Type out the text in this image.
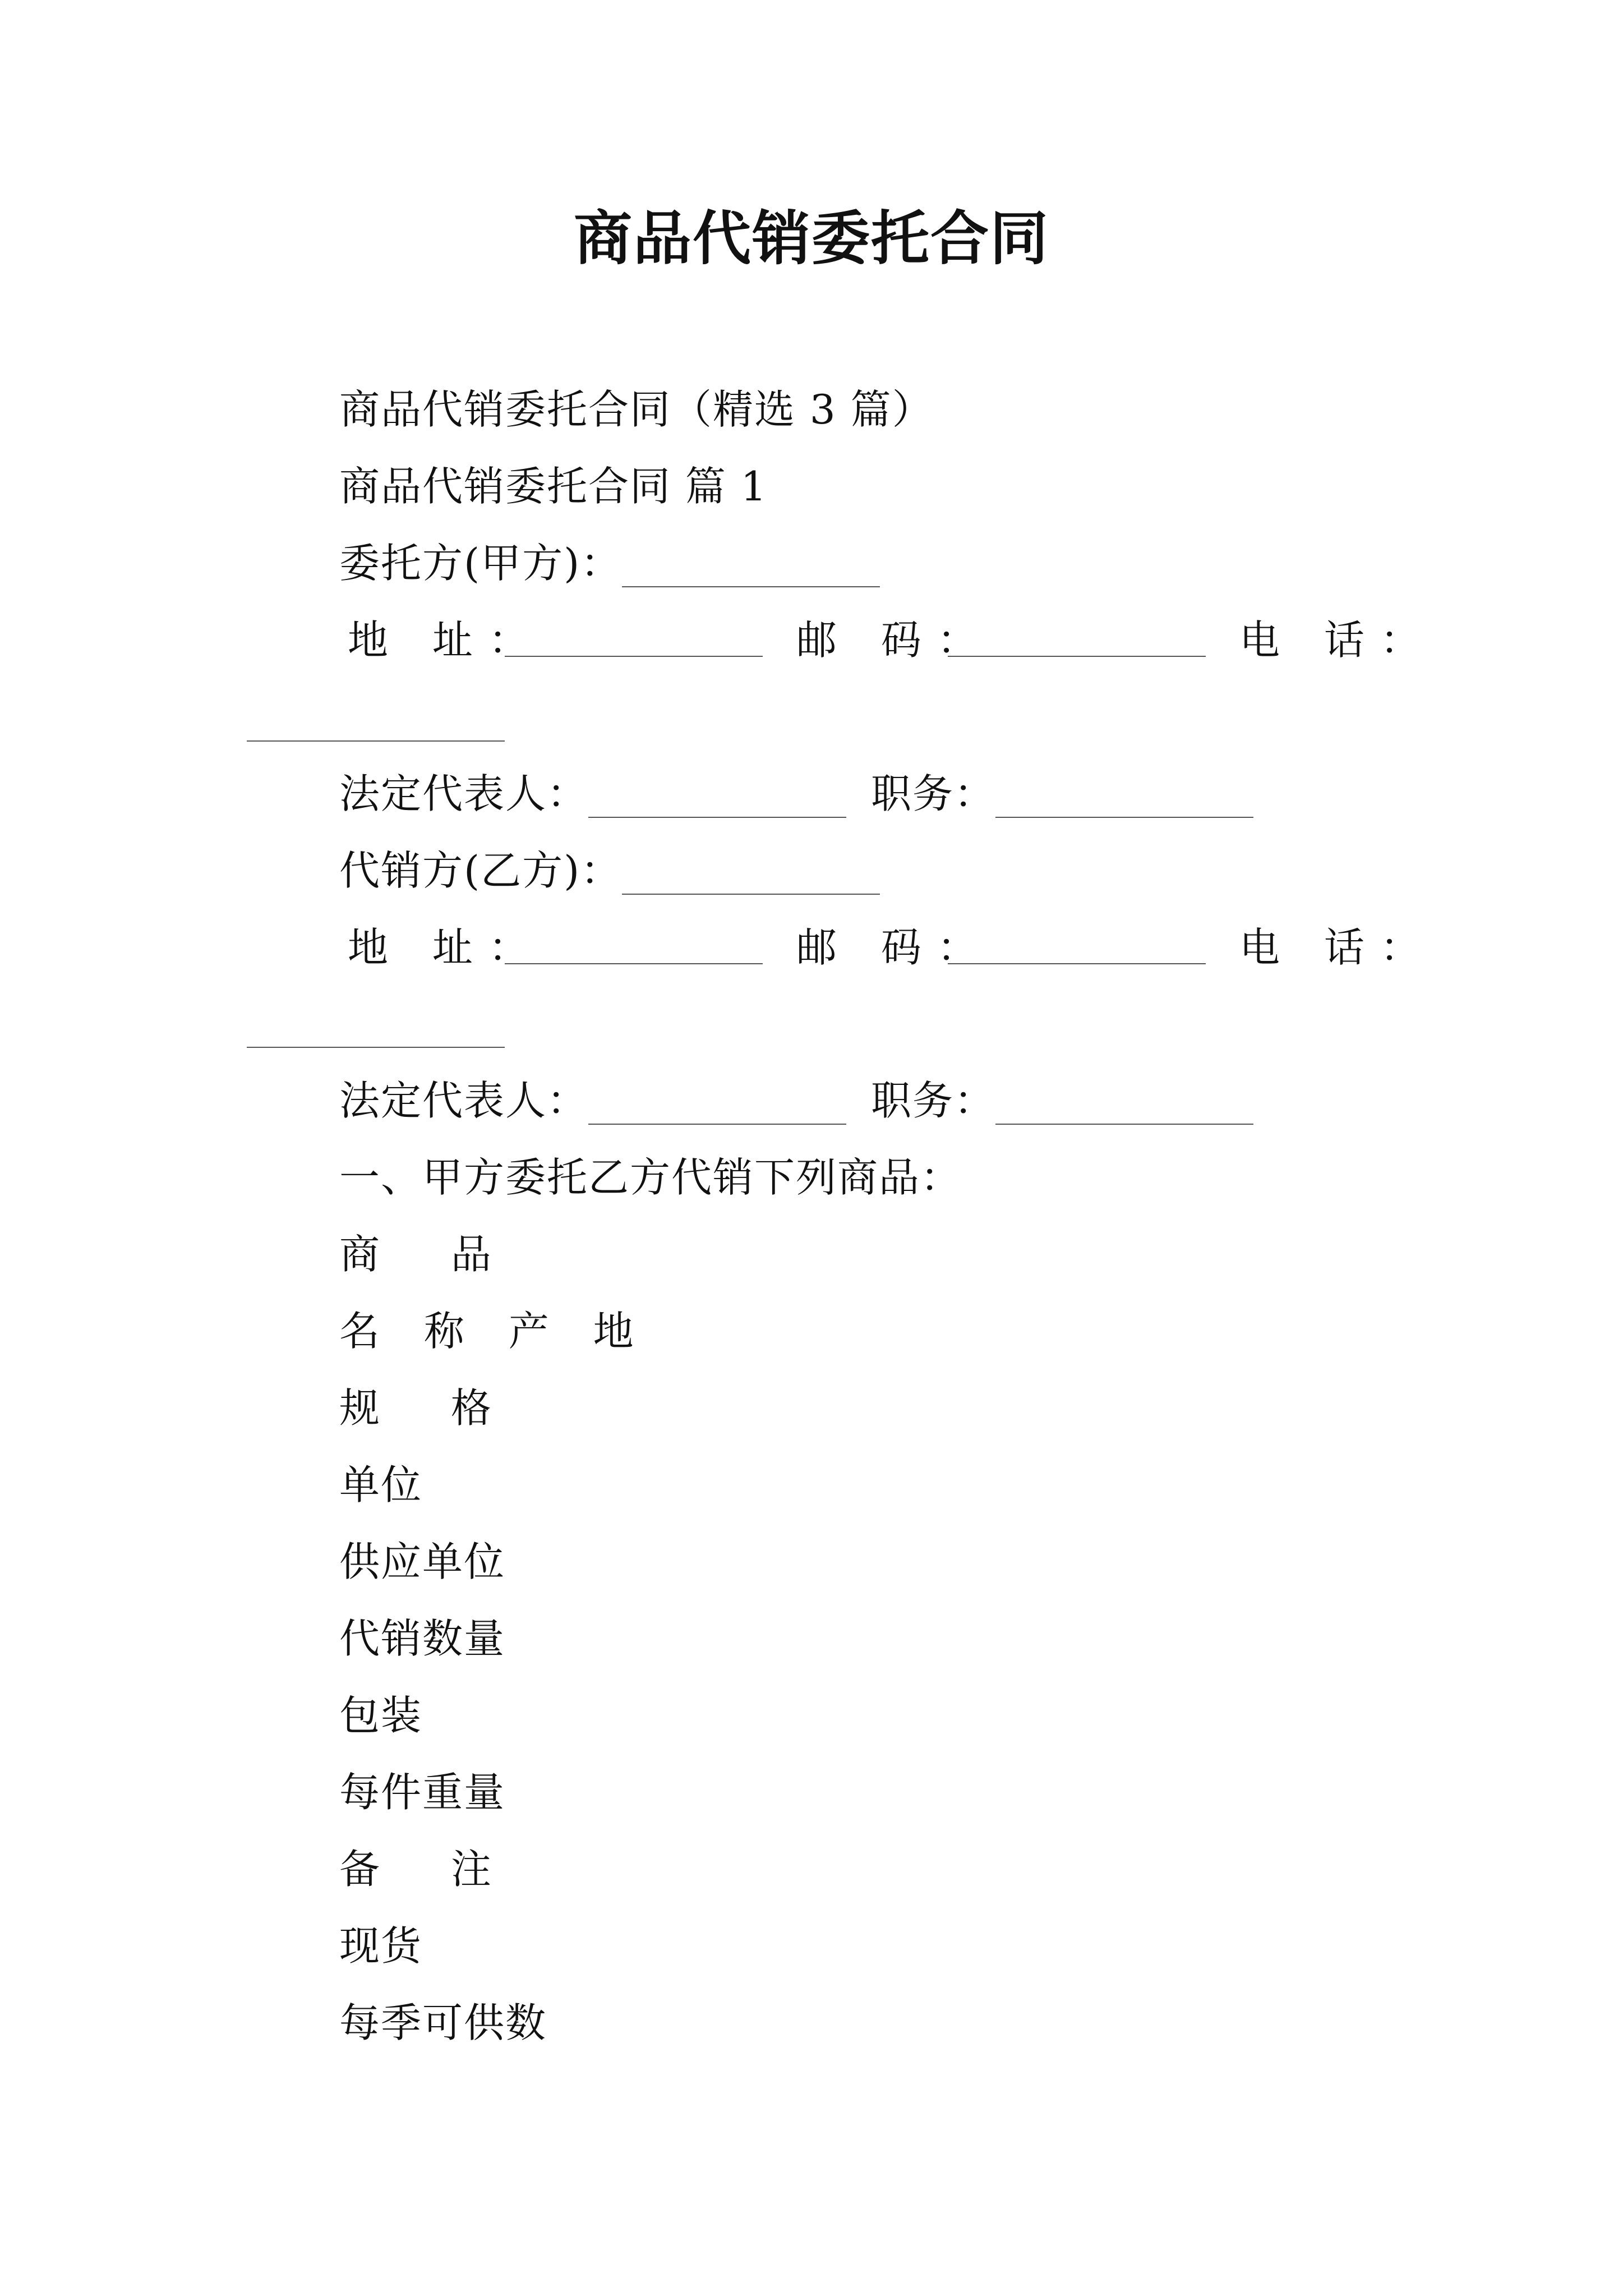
商品代销委托合同
商品代销委托合同（精选 3 篇）
商品代销委托合同 篇 1
委托方(甲方)：
地 址：	邮 码：	电 话：
法定代表人：	职务：
代销方(乙方)：
地 址：	邮 码：	电 话：
法定代表人：	职务：
一、甲方委托乙方代销下列商品：
商 品
名 称 产 地
规 格
单位
供应单位
代销数量
包装
每件重量
备 注
现货
每季可供数
